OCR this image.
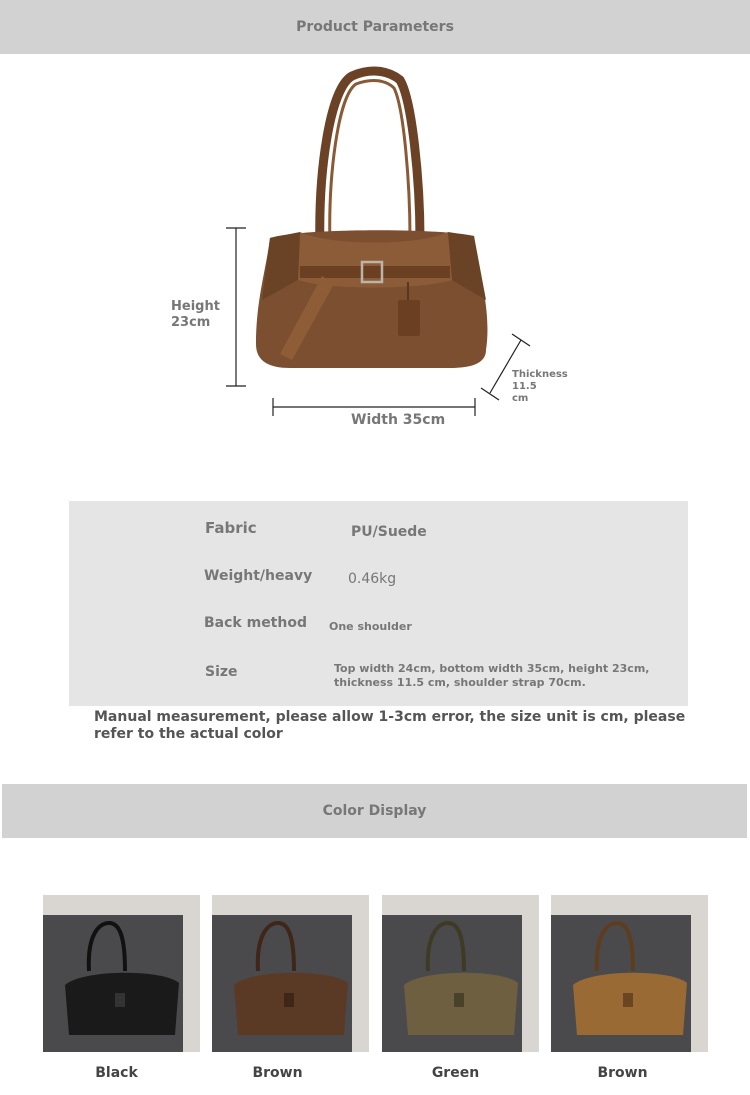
Product Parameters
Height
23cm
Width 35cm
Thickness 11.5
cm
Fabric	PU/Suede
Weight/heavy	0.46kg
Back method One shoulder
Size	Top width 24cm, bottom width 35cm, height 23cm, thickness 11.5 cm, shoulder strap 70cm.
Manual measurement, please allow 1-3cm error, the size unit is cm, please refer to the actual color
Color Display
Black	Brown	Green	Brown
